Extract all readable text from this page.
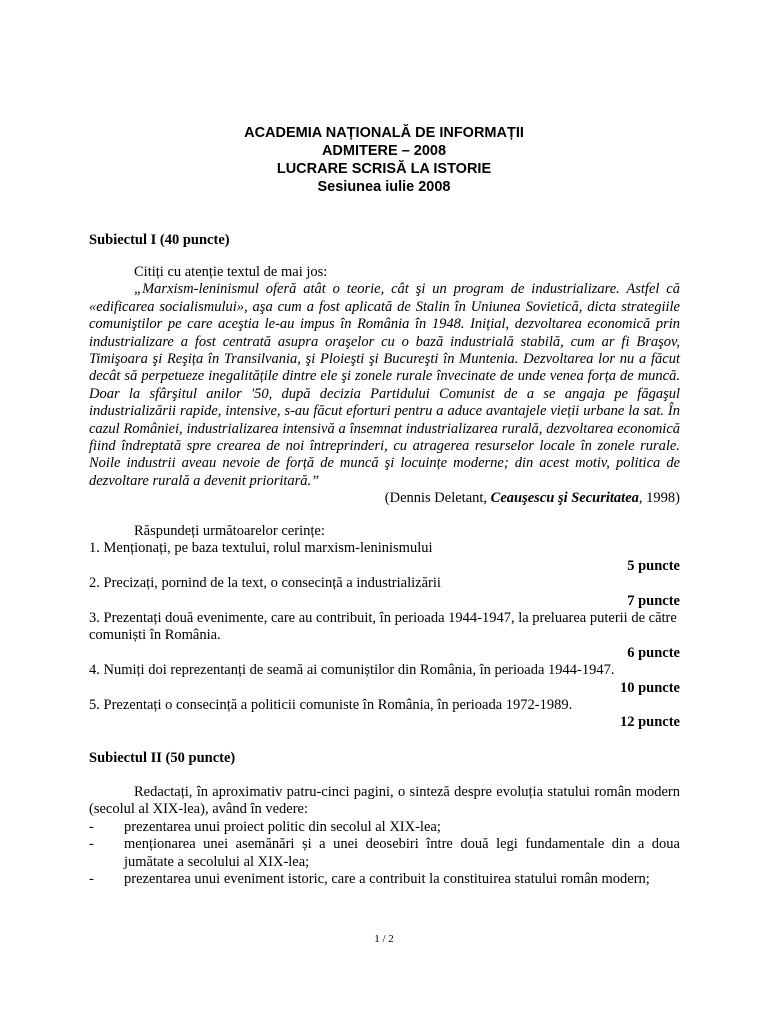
ACADEMIA NAȚIONALĂ DE INFORMAȚII
ADMITERE – 2008
LUCRARE SCRISĂ LA ISTORIE
Sesiunea iulie 2008
Subiectul I (40 puncte)

Citiți cu atenție textul de mai jos:

„Marxism-leninismul oferă atât o teorie, cât şi un program de industrializare. Astfel că «edificarea socialismului», aşa cum a fost aplicată de Stalin în Uniunea Sovietică, dicta strategiile comuniştilor pe care aceştia le-au impus în România în 1948. Inițial, dezvoltarea economică prin industrializare a fost centrată asupra oraşelor cu o bază industrială stabilă, cum ar fi Braşov, Timişoara şi Reşița în Transilvania, şi Ploieşti şi Bucureşti în Muntenia. Dezvoltarea lor nu a făcut decât să perpetueze inegalitățile dintre ele şi zonele rurale învecinate de unde venea forța de muncă. Doar la sfârşitul anilor '50, după decizia Partidului Comunist de a se angaja pe făgaşul industrializării rapide, intensive, s-au făcut eforturi pentru a aduce avantajele vieții urbane la sat. În cazul României, industrializarea intensivă a însemnat industrializarea rurală, dezvoltarea economică fiind îndreptată spre crearea de noi întreprinderi, cu atragerea resurselor locale în zonele rurale. Noile industrii aveau nevoie de forță de muncă şi locuințe moderne; din acest motiv, politica de dezvoltare rurală a devenit prioritară.”

(Dennis Deletant, Ceauşescu şi Securitatea, 1998)

Răspundeți următoarelor cerințe:

1. Menționați, pe baza textului, rolul marxism-leninismului

5 puncte

2. Precizați, pornind de la text, o consecință a industrializării

7 puncte

3. Prezentați două evenimente, care au contribuit, în perioada 1944-1947, la preluarea puterii de către comuniști în România.

6 puncte

4. Numiți doi reprezentanți de seamă ai comuniștilor din România, în perioada 1944-1947.

10 puncte

5. Prezentați o consecință a politicii comuniste în România, în perioada 1972-1989.

12 puncte

Subiectul II (50 puncte)

Redactați, în aproximativ patru-cinci pagini, o sinteză despre evoluția statului român modern (secolul al XIX-lea), având în vedere:

- prezentarea unui proiect politic din secolul al XIX-lea;
- menționarea unei asemănări și a unei deosebiri între două legi fundamentale din a doua jumătate a secolului al XIX-lea;
- prezentarea unui eveniment istoric, care a contribuit la constituirea statului român modern;
1 / 2
